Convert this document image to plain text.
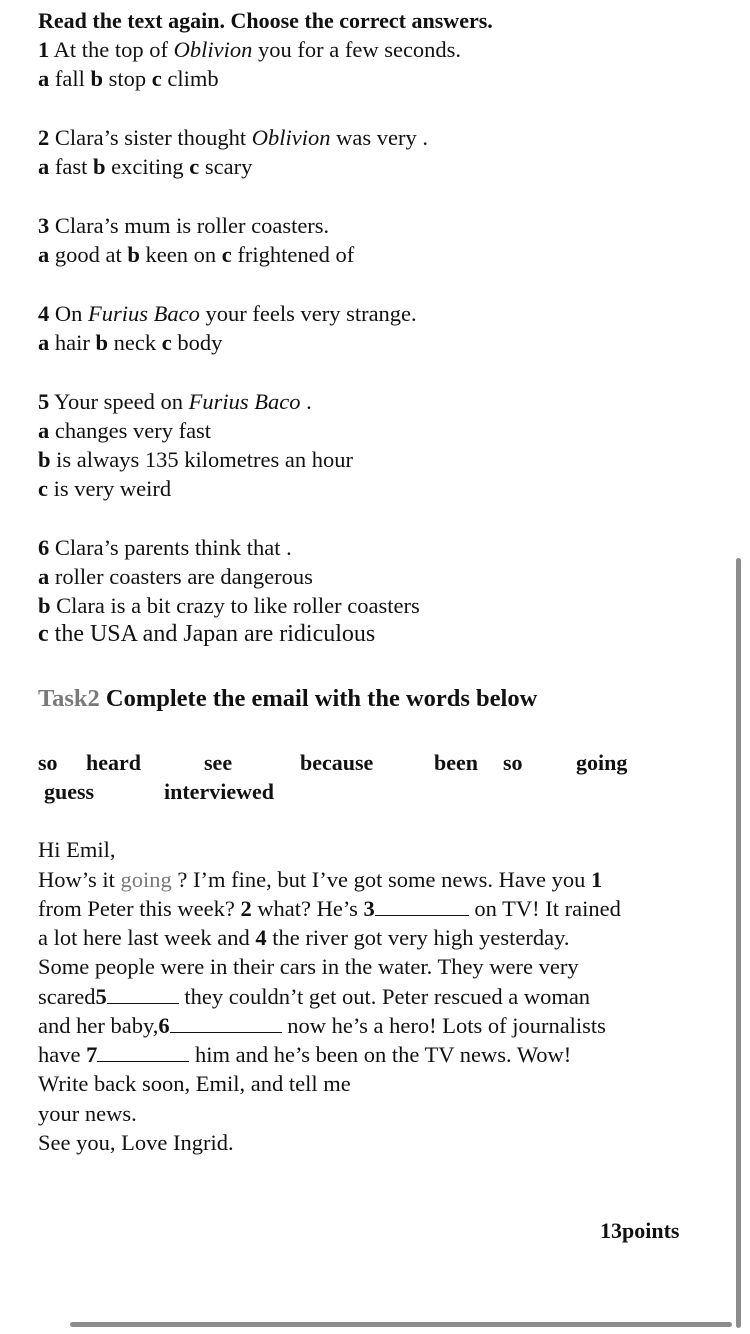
Read the text again. Choose the correct answers.
1 At the top of Oblivion you for a few seconds.
a fall b stop c climb
2 Clara’s sister thought Oblivion was very .
a fast b exciting c scary
3 Clara’s mum is roller coasters.
a good at b keen on c frightened of
4 On Furius Baco your feels very strange.
a hair b neck c body
5 Your speed on Furius Baco .
a changes very fast
b is always 135 kilometres an hour
c is very weird
6 Clara’s parents think that .
a roller coasters are dangerous
b Clara is a bit crazy to like roller coasters
c the USA and Japan are ridiculous
Task2 Complete the email with the words below
so heard	see	because	been so going
guess	interviewed
Hi Emil,
How’s it going ? I’m fine, but I’ve got some news. Have you 1
from Peter this week? 2 what? He’s 3	on TV! It rained
a lot here last week and 4 the river got very high yesterday.
Some people were in their cars in the water. They were very
scared5	they couldn’t get out. Peter rescued a woman
and her baby,6	now he’s a hero! Lots of journalists
have 7	him and he’s been on the TV news. Wow!
Write back soon, Emil, and tell me
your news.
See you, Love Ingrid.
13points
